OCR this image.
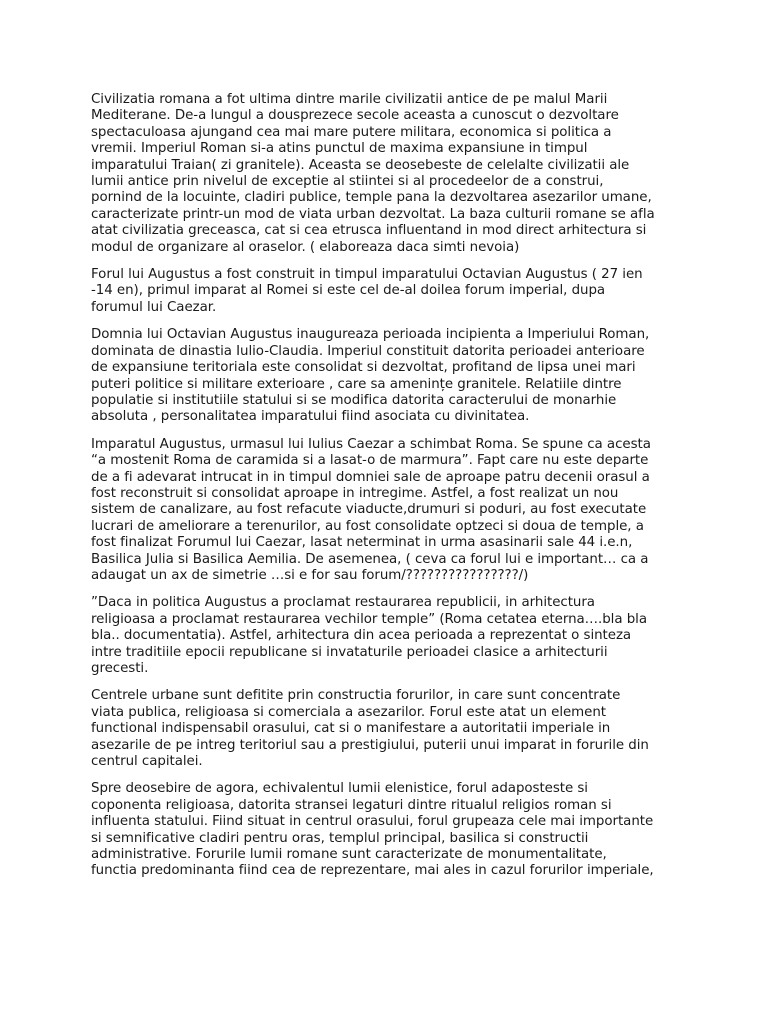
Civilizatia romana a fot ultima dintre marile civilizatii antice de pe malul Marii
Mediterane. De-a lungul a dousprezece secole aceasta a cunoscut o dezvoltare
spectaculoasa ajungand cea mai mare putere militara, economica si politica a
vremii. Imperiul Roman si-a atins punctul de maxima expansiune in timpul
imparatului Traian( zi granitele). Aceasta se deosebeste de celelalte civilizatii ale
lumii antice prin nivelul de exceptie al stiintei si al procedeelor de a construi,
pornind de la locuinte, cladiri publice, temple pana la dezvoltarea asezarilor umane,
caracterizate printr-un mod de viata urban dezvoltat. La baza culturii romane se afla
atat civilizatia greceasca, cat si cea etrusca influentand in mod direct arhitectura si
modul de organizare al oraselor. ( elaboreaza daca simti nevoia)

Forul lui Augustus a fost construit in timpul imparatului Octavian Augustus ( 27 ien
-14 en), primul imparat al Romei si este cel de-al doilea forum imperial, dupa
forumul lui Caezar.

Domnia lui Octavian Augustus inaugureaza perioada incipienta a Imperiului Roman,
dominata de dinastia Iulio-Claudia. Imperiul constituit datorita perioadei anterioare
de expansiune teritoriala este consolidat si dezvoltat, profitand de lipsa unei mari
puteri politice si militare exterioare , care sa amenințe granitele. Relatiile dintre
populatie si institutiile statului si se modifica datorita caracterului de monarhie
absoluta , personalitatea imparatului fiind asociata cu divinitatea.

Imparatul Augustus, urmasul lui Iulius Caezar a schimbat Roma. Se spune ca acesta
“a mostenit Roma de caramida si a lasat-o de marmura”. Fapt care nu este departe
de a fi adevarat intrucat in in timpul domniei sale de aproape patru decenii orasul a
fost reconstruit si consolidat aproape in intregime. Astfel, a fost realizat un nou
sistem de canalizare, au fost refacute viaducte,drumuri si poduri, au fost executate
lucrari de ameliorare a terenurilor, au fost consolidate optzeci si doua de temple, a
fost finalizat Forumul lui Caezar, lasat neterminat in urma asasinarii sale 44 i.e.n,
Basilica Julia si Basilica Aemilia. De asemenea, ( ceva ca forul lui e important… ca a
adaugat un ax de simetrie …si e for sau forum/????????????????/)

”Daca in politica Augustus a proclamat restaurarea republicii, in arhitectura
religioasa a proclamat restaurarea vechilor temple” (Roma cetatea eterna….bla bla
bla.. documentatia). Astfel, arhitectura din acea perioada a reprezentat o sinteza
intre traditiile epocii republicane si invataturile perioadei clasice a arhitecturii
grecesti.

Centrele urbane sunt defitite prin constructia forurilor, in care sunt concentrate
viata publica, religioasa si comerciala a asezarilor. Forul este atat un element
functional indispensabil orasului, cat si o manifestare a autoritatii imperiale in
asezarile de pe intreg teritoriul sau a prestigiului, puterii unui imparat in forurile din
centrul capitalei.

Spre deosebire de agora, echivalentul lumii elenistice, forul adaposteste si
coponenta religioasa, datorita stransei legaturi dintre ritualul religios roman si
influenta statului. Fiind situat in centrul orasului, forul grupeaza cele mai importante
si semnificative cladiri pentru oras, templul principal, basilica si constructii
administrative. Forurile lumii romane sunt caracterizate de monumentalitate,
functia predominanta fiind cea de reprezentare, mai ales in cazul forurilor imperiale,
